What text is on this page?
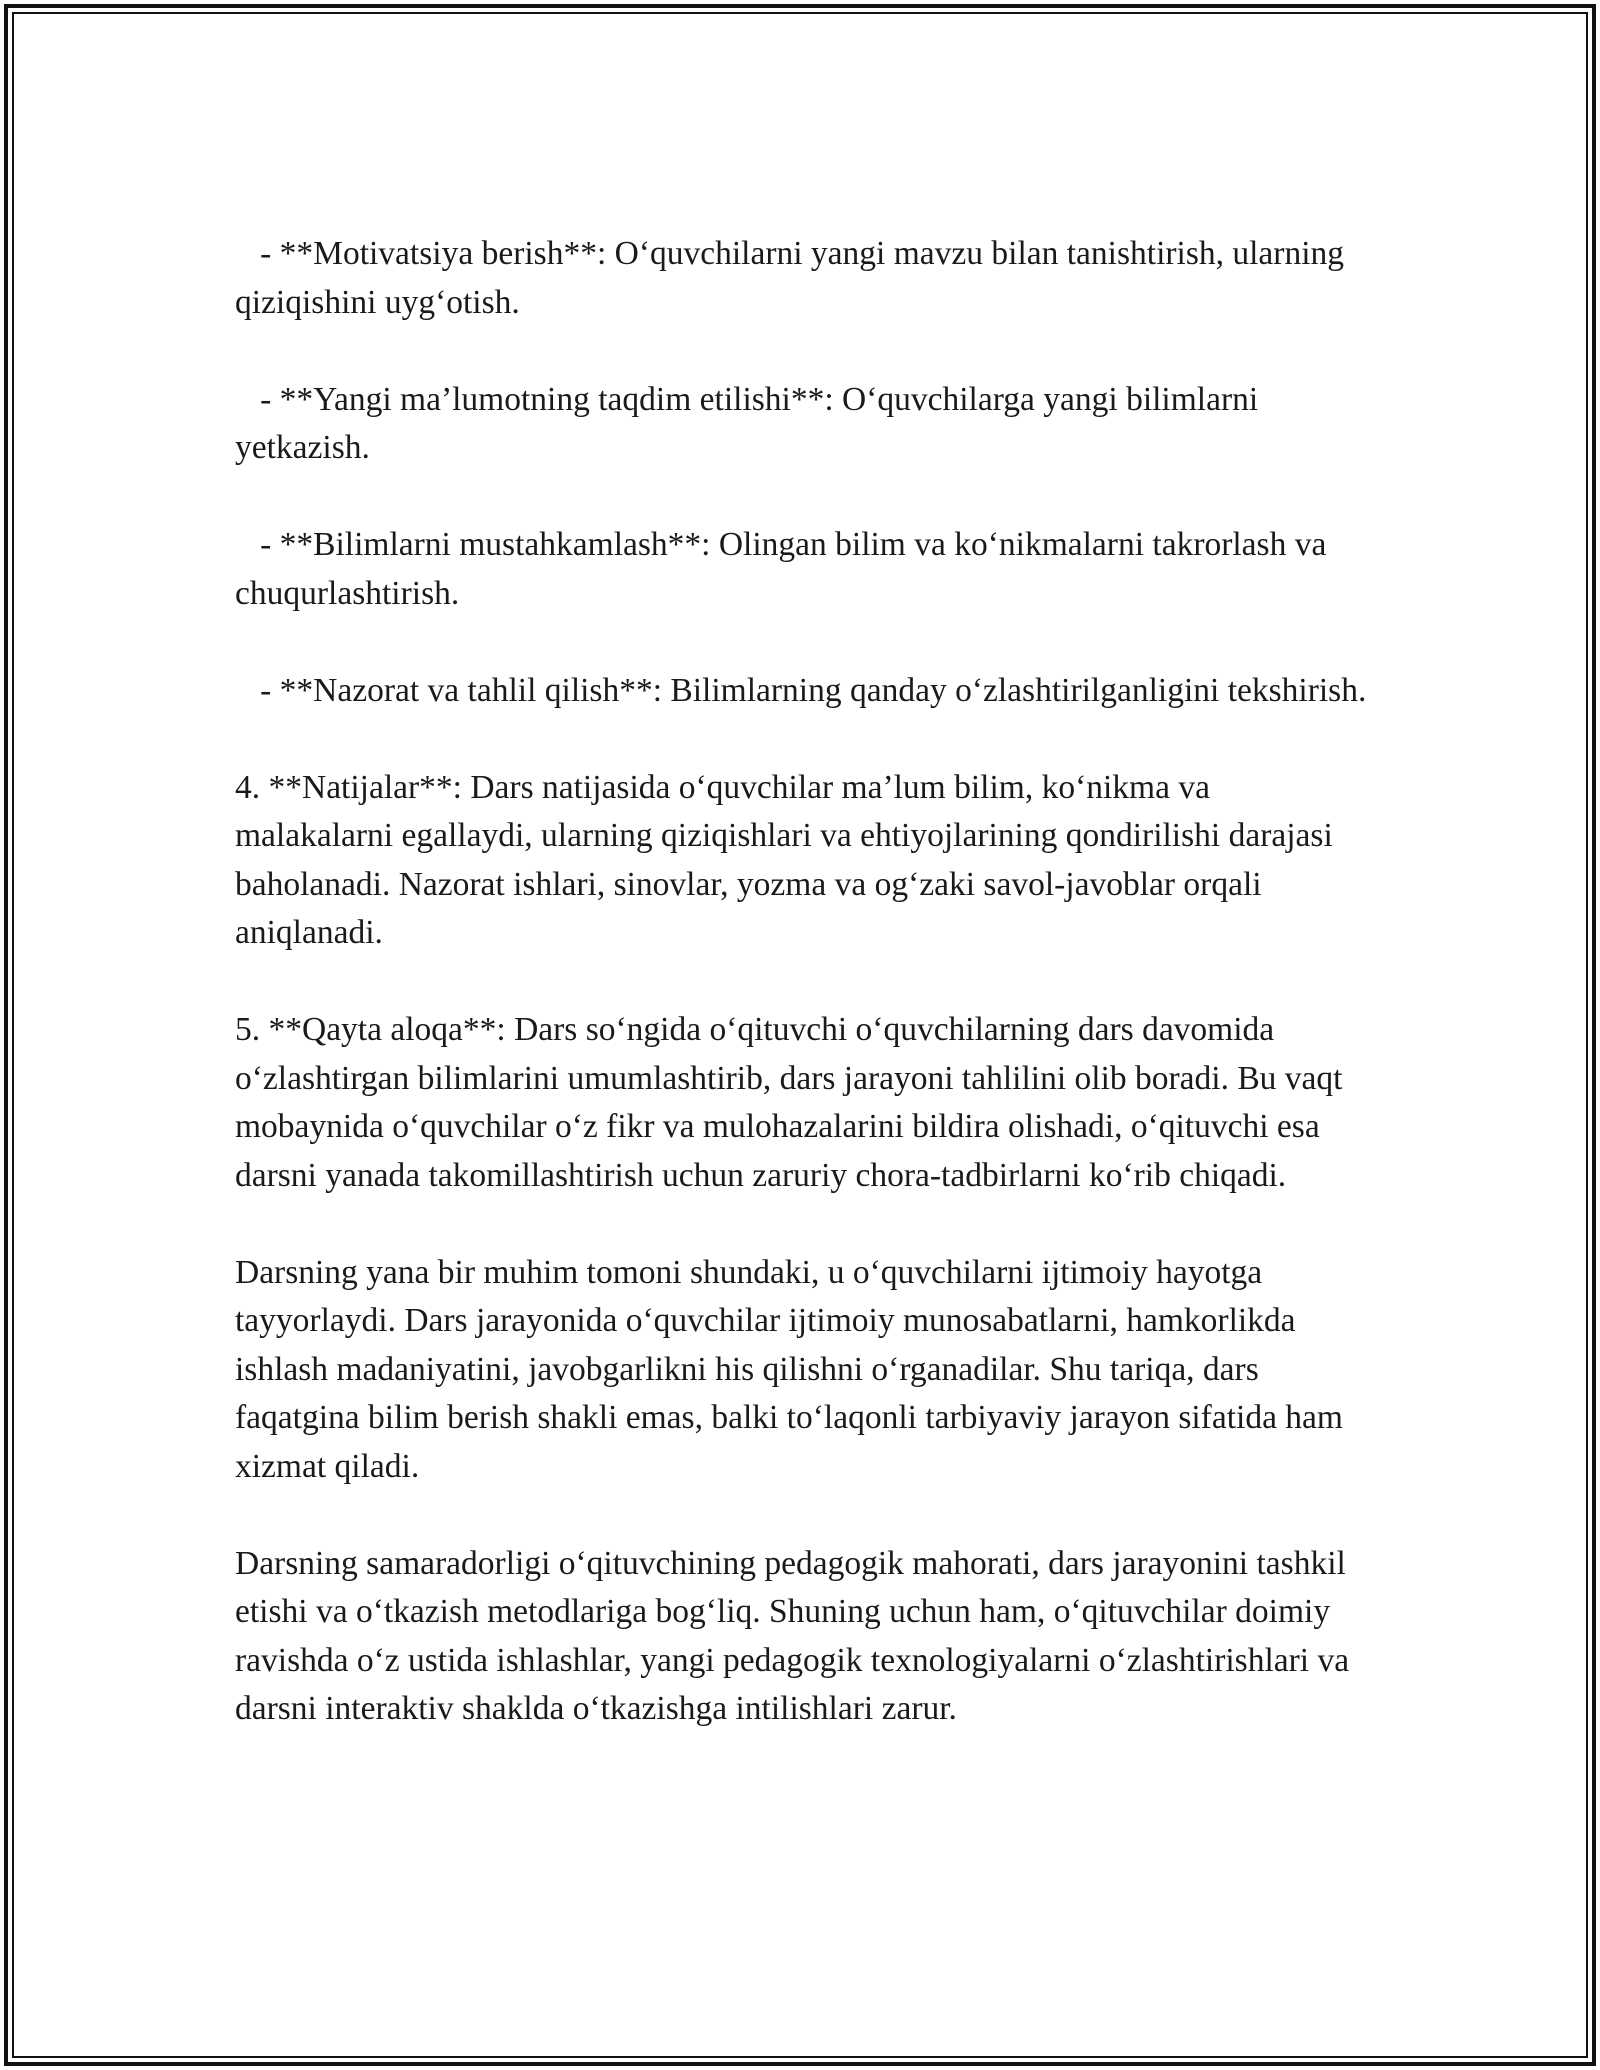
- **Motivatsiya berish**: O‘quvchilarni yangi mavzu bilan tanishtirish, ularning qiziqishini uyg‘otish.

- **Yangi ma’lumotning taqdim etilishi**: O‘quvchilarga yangi bilimlarni yetkazish.

- **Bilimlarni mustahkamlash**: Olingan bilim va ko‘nikmalarni takrorlash va chuqurlashtirish.

- **Nazorat va tahlil qilish**: Bilimlarning qanday o‘zlashtirilganligini tekshirish.

4. **Natijalar**: Dars natijasida o‘quvchilar ma’lum bilim, ko‘nikma va malakalarni egallaydi, ularning qiziqishlari va ehtiyojlarining qondirilishi darajasi baholanadi. Nazorat ishlari, sinovlar, yozma va og‘zaki savol-javoblar orqali aniqlanadi.

5. **Qayta aloqa**: Dars so‘ngida o‘qituvchi o‘quvchilarning dars davomida o‘zlashtirgan bilimlarini umumlashtirib, dars jarayoni tahlilini olib boradi. Bu vaqt mobaynida o‘quvchilar o‘z fikr va mulohazalarini bildira olishadi, o‘qituvchi esa darsni yanada takomillashtirish uchun zaruriy chora-tadbirlarni ko‘rib chiqadi.

Darsning yana bir muhim tomoni shundaki, u o‘quvchilarni ijtimoiy hayotga tayyorlaydi. Dars jarayonida o‘quvchilar ijtimoiy munosabatlarni, hamkorlikda ishlash madaniyatini, javobgarlikni his qilishni o‘rganadilar. Shu tariqa, dars faqatgina bilim berish shakli emas, balki to‘laqonli tarbiyaviy jarayon sifatida ham xizmat qiladi.

Darsning samaradorligi o‘qituvchining pedagogik mahorati, dars jarayonini tashkil etishi va o‘tkazish metodlariga bog‘liq. Shuning uchun ham, o‘qituvchilar doimiy ravishda o‘z ustida ishlashlar, yangi pedagogik texnologiyalarni o‘zlashtirishlari va darsni interaktiv shaklda o‘tkazishga intilishlari zarur.
